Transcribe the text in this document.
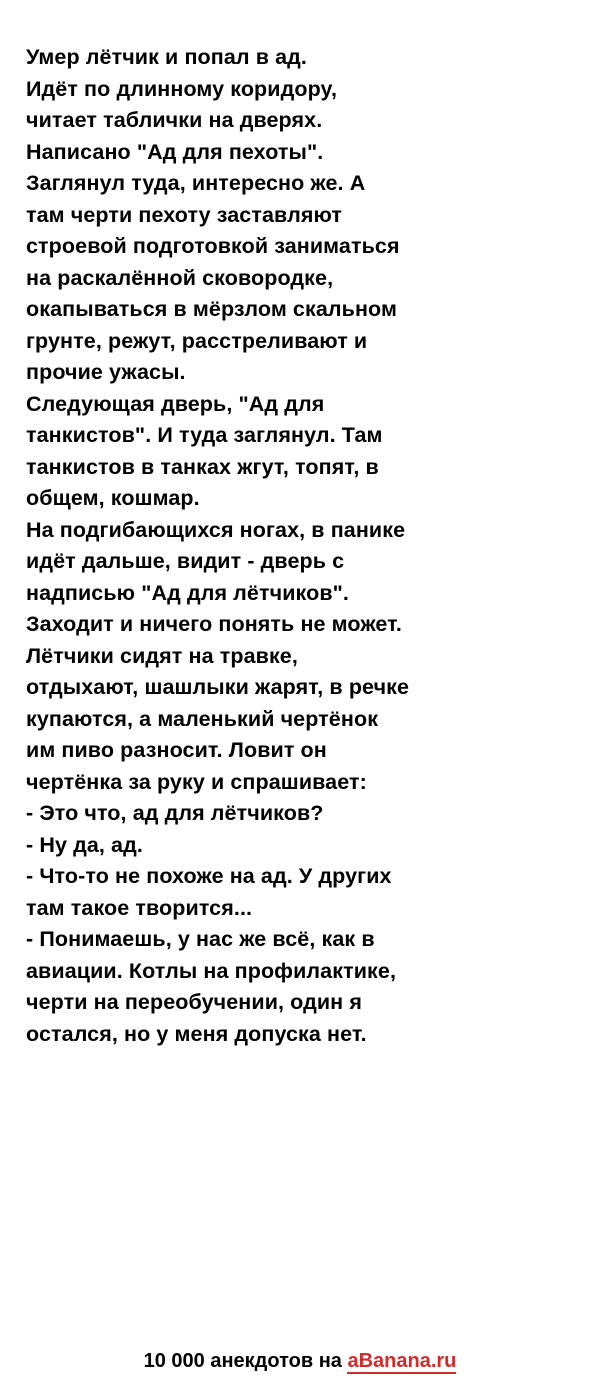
Умер лётчик и попал в ад.
Идёт по длинному коридору,
читает таблички на дверях.
Написано "Ад для пехоты".
Заглянул туда, интересно же. А
там черти пехоту заставляют
строевой подготовкой заниматься
на раскалённой сковородке,
окапываться в мёрзлом скальном
грунте, режут, расстреливают и
прочие ужасы.
Следующая дверь, "Ад для
танкистов". И туда заглянул. Там
танкистов в танках жгут, топят, в
общем, кошмар.
На подгибающихся ногах, в панике
идёт дальше, видит - дверь с
надписью "Ад для лётчиков".
Заходит и ничего понять не может.
Лётчики сидят на травке,
отдыхают, шашлыки жарят, в речке
купаются, а маленький чертёнок
им пиво разносит. Ловит он
чертёнка за руку и спрашивает:
- Это что, ад для лётчиков?
- Ну да, ад.
- Что-то не похоже на ад. У других
там такое творится...
- Понимаешь, у нас же всё, как в
авиации. Котлы на профилактике,
черти на переобучении, один я
остался, но у меня допуска нет.
10 000 анекдотов на aBanana.ru
